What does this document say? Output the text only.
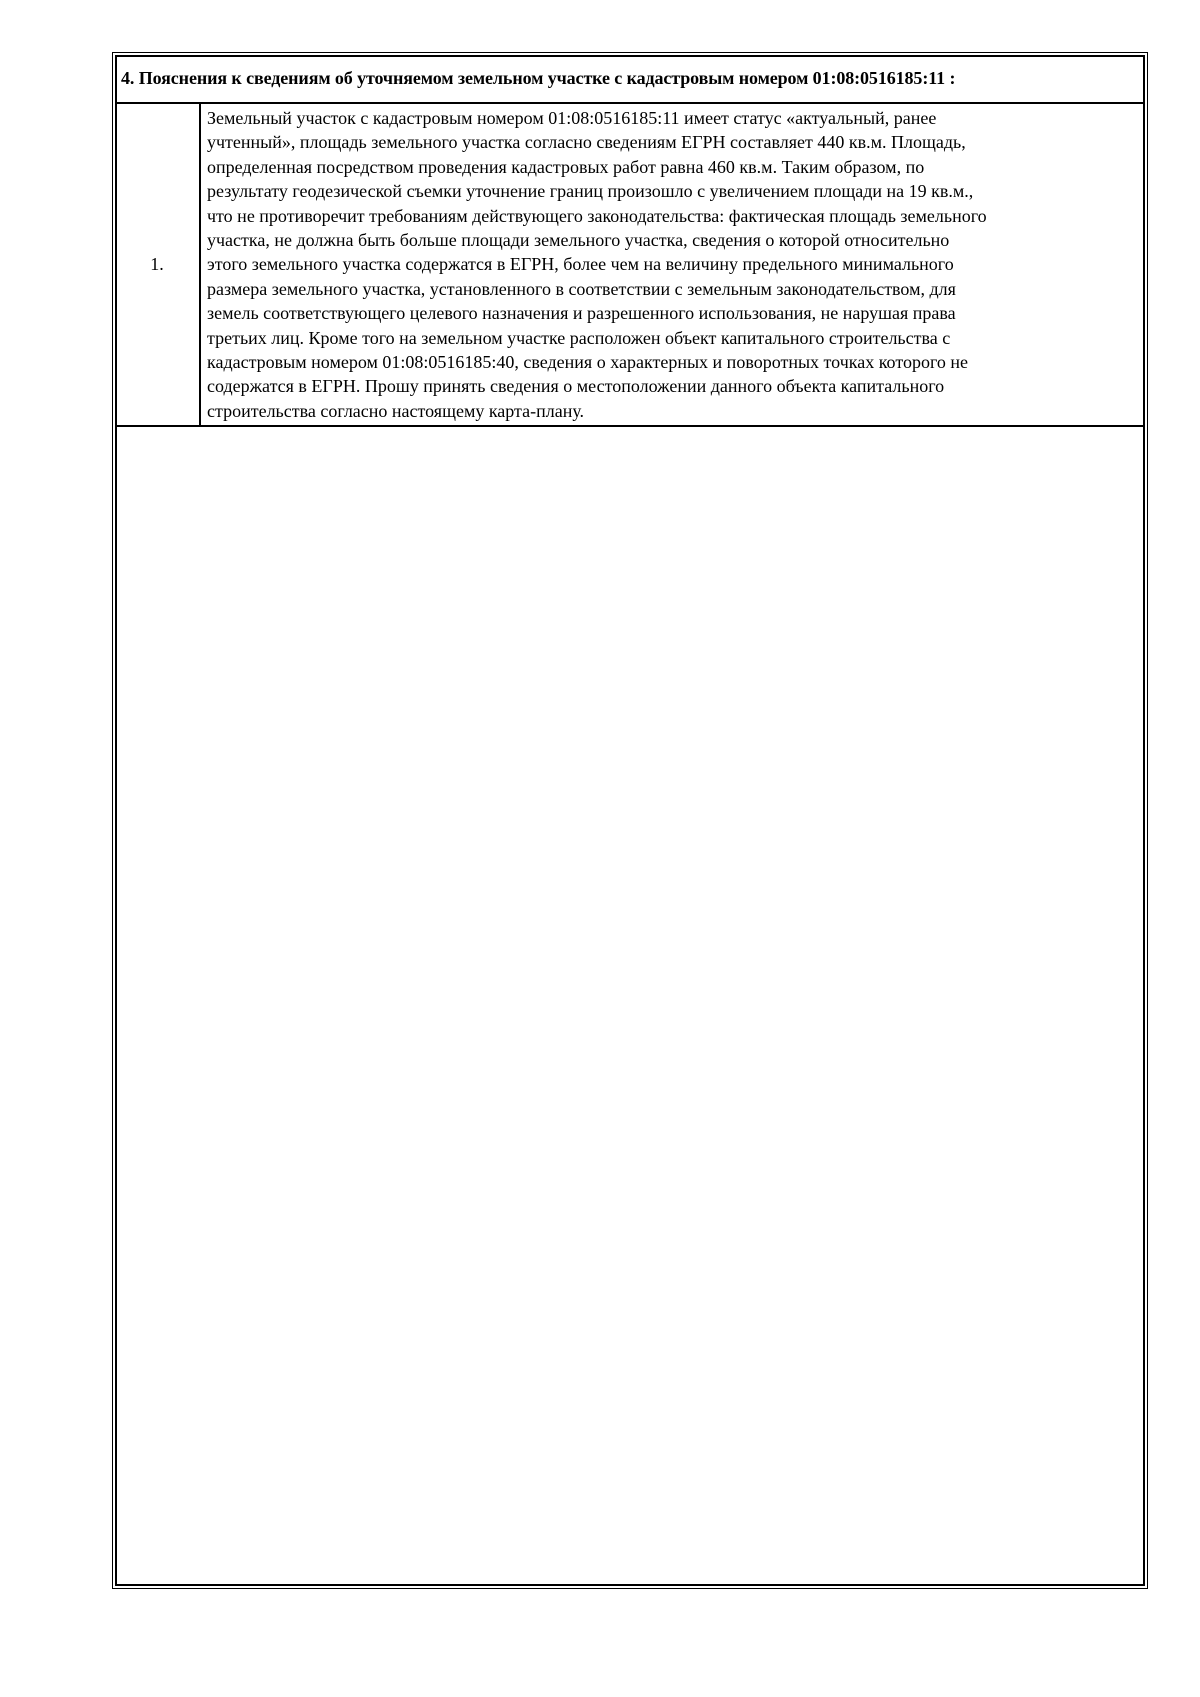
4. Пояснения к сведениям об уточняемом земельном участке с кадастровым номером 01:08:0516185:11 :
1.
Земельный участок с кадастровым номером 01:08:0516185:11 имеет статус «актуальный, ранее
учтенный», площадь земельного участка согласно сведениям ЕГРН составляет 440 кв.м. Площадь,
определенная посредством проведения кадастровых работ равна 460 кв.м. Таким образом, по
результату геодезической съемки уточнение границ произошло с увеличением площади на 19 кв.м.,
что не противоречит требованиям действующего законодательства: фактическая площадь земельного
участка, не должна быть больше площади земельного участка, сведения о которой относительно
этого земельного участка содержатся в ЕГРН, более чем на величину предельного минимального
размера земельного участка, установленного в соответствии с земельным законодательством, для
земель соответствующего целевого назначения и разрешенного использования, не нарушая права
третьих лиц. Кроме того на земельном участке расположен объект капитального строительства с
кадастровым номером 01:08:0516185:40, сведения о характерных и поворотных точках которого не
содержатся в ЕГРН. Прошу принять сведения о местоположении данного объекта капитального
строительства согласно настоящему карта-плану.
